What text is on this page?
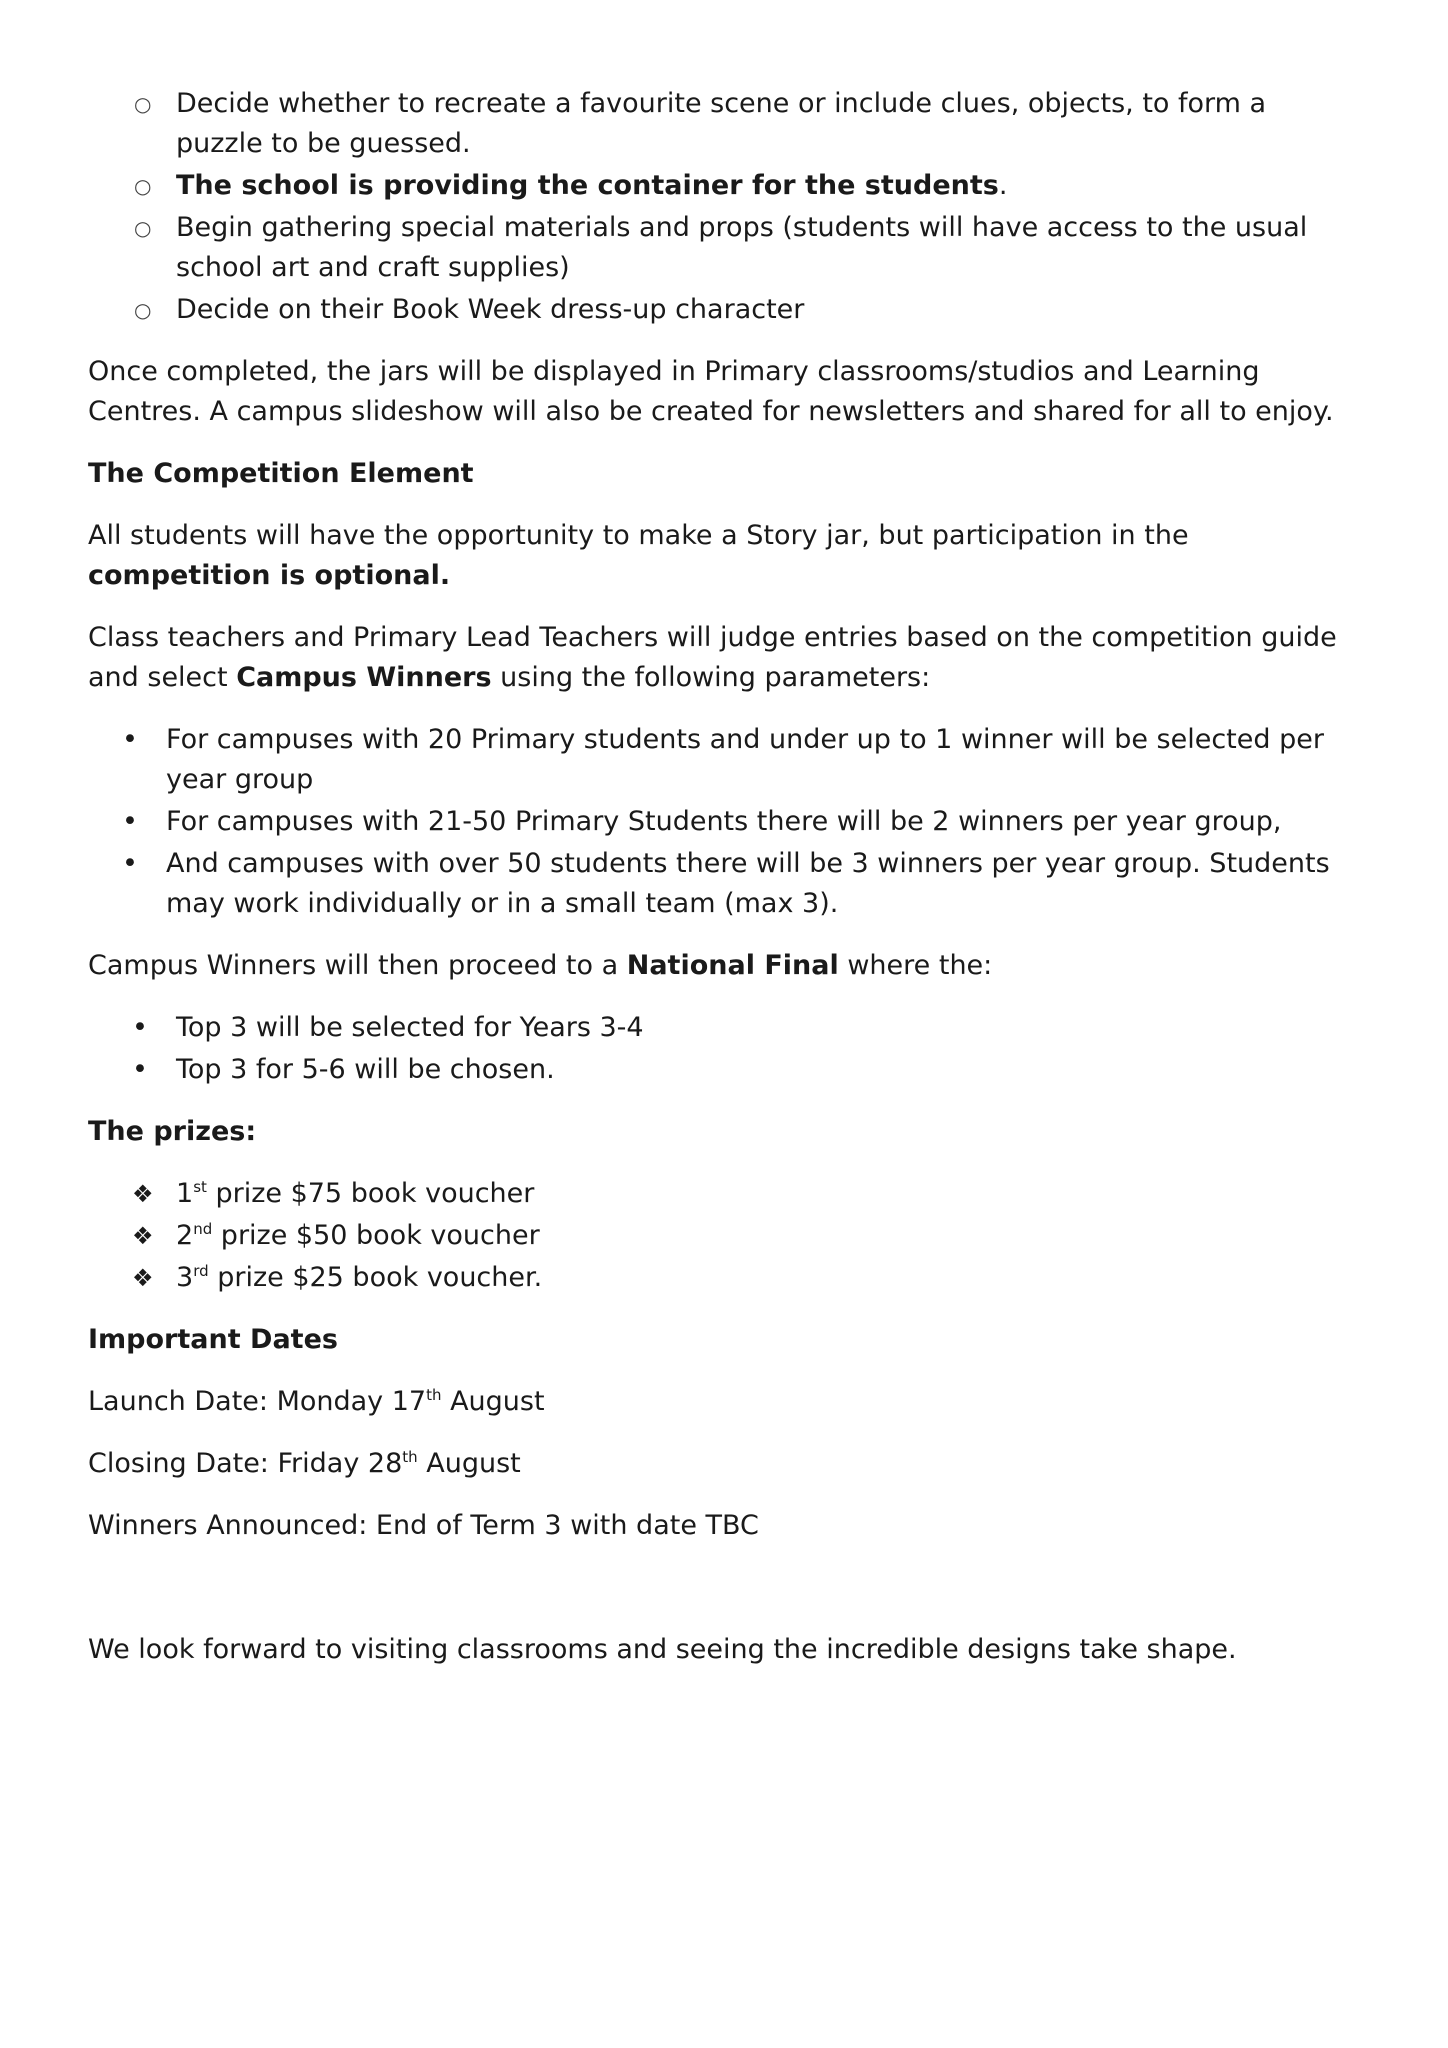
○ Decide whether to recreate a favourite scene or include clues, objects, to form a puzzle to be guessed.
○ The school is providing the container for the students.
○ Begin gathering special materials and props (students will have access to the usual school art and craft supplies)
○ Decide on their Book Week dress-up character

Once completed, the jars will be displayed in Primary classrooms/studios and Learning Centres. A campus slideshow will also be created for newsletters and shared for all to enjoy.

The Competition Element

All students will have the opportunity to make a Story jar, but participation in the competition is optional.

Class teachers and Primary Lead Teachers will judge entries based on the competition guide and select Campus Winners using the following parameters:

• For campuses with 20 Primary students and under up to 1 winner will be selected per year group
• For campuses with 21-50 Primary Students there will be 2 winners per year group,
• And campuses with over 50 students there will be 3 winners per year group. Students may work individually or in a small team (max 3).

Campus Winners will then proceed to a National Final where the:

• Top 3 will be selected for Years 3-4
• Top 3 for 5-6 will be chosen.

The prizes:

❖ 1st prize $75 book voucher
❖ 2nd prize $50 book voucher
❖ 3rd prize $25 book voucher.

Important Dates

Launch Date: Monday 17th August

Closing Date: Friday 28th August

Winners Announced: End of Term 3 with date TBC

We look forward to visiting classrooms and seeing the incredible designs take shape.
